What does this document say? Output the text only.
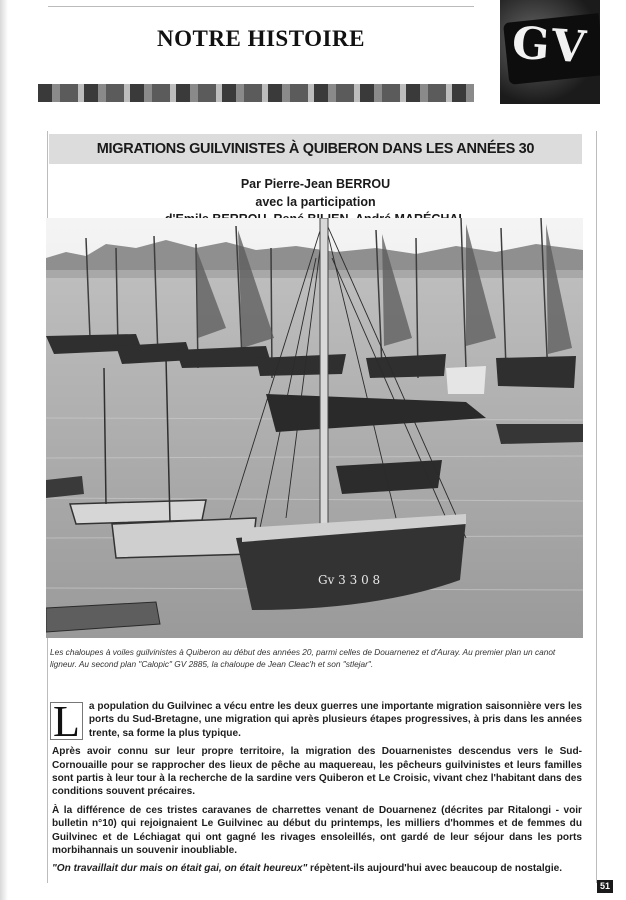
NOTRE HISTOIRE	GV
MIGRATIONS GUILVINISTES À QUIBERON DANS LES ANNÉES 30
Par Pierre-Jean BERROU
avec la participation
Gv 3 3 0 8
Les chaloupes à voiles guilvinistes à Quiberon au début des années 20, parmi celles de Douarnenez et d'Auray. Au premier plan un canot ligneur. Au second plan "Calopic" GV 2885, la chaloupe de Jean Cleac'h et son "stlejar".

L a population du Guilvinec a vécu entre les deux guerres une importante migration saisonnière vers les ports du Sud-Bretagne, une migration qui après plusieurs étapes progressives, à pris dans les années trente, sa forme la plus typique.

Après avoir connu sur leur propre territoire, la migration des Douarnenistes descendus vers le Sud-Cornouaille pour se rapprocher des lieux de pêche au maquereau, les pêcheurs guilvinistes et leurs familles sont partis à leur tour à la recherche de la sardine vers Quiberon et Le Croisic, vivant chez l'habitant dans des conditions souvent précaires.

À la différence de ces tristes caravanes de charrettes venant de Douarnenez (décrites par Ritalongi - voir bulletin n°10) qui rejoignaient Le Guilvinec au début du printemps, les milliers d'hommes et de femmes du Guilvinec et de Léchiagat qui ont gagné les rivages ensoleillés, ont gardé de leur séjour dans les ports morbihannais un souvenir inoubliable.

"On travaillait dur mais on était gai, on était heureux" répètent-ils aujourd'hui avec beaucoup de nostalgie.

51
